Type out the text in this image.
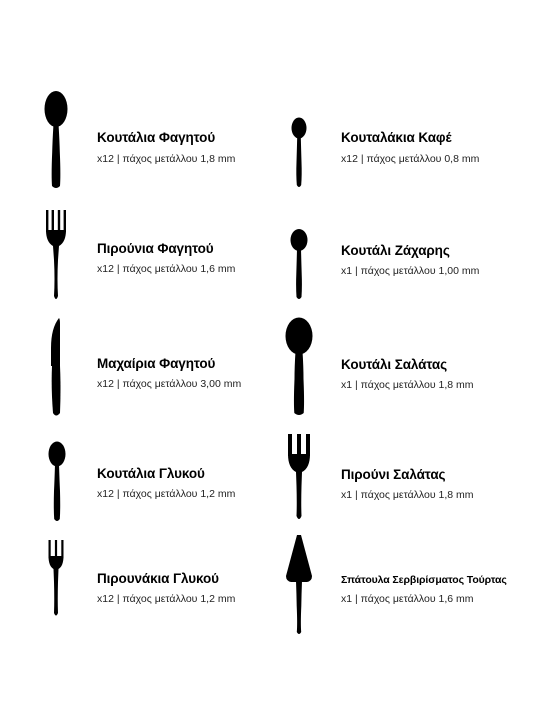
Κουτάλια Φαγητού
x12 | πάχος μετάλλου 1,8 mm
Πιρούνια Φαγητού
x12 | πάχος μετάλλου 1,6 mm
Μαχαίρια Φαγητού
x12 | πάχος μετάλλου 3,00 mm
Κουτάλια Γλυκού
x12 | πάχος μετάλλου 1,2 mm
Πιρουνάκια Γλυκού
x12 | πάχος μετάλλου 1,2 mm
Κουταλάκια Καφέ
x12 | πάχος μετάλλου 0,8 mm
Κουτάλι Ζάχαρης
x1 | πάχος μετάλλου 1,00 mm
Κουτάλι Σαλάτας
x1 | πάχος μετάλλου 1,8 mm
Πιρούνι Σαλάτας
x1 | πάχος μετάλλου 1,8 mm
Σπάτουλα Σερβιρίσματος Τούρτας
x1 | πάχος μετάλλου 1,6 mm
